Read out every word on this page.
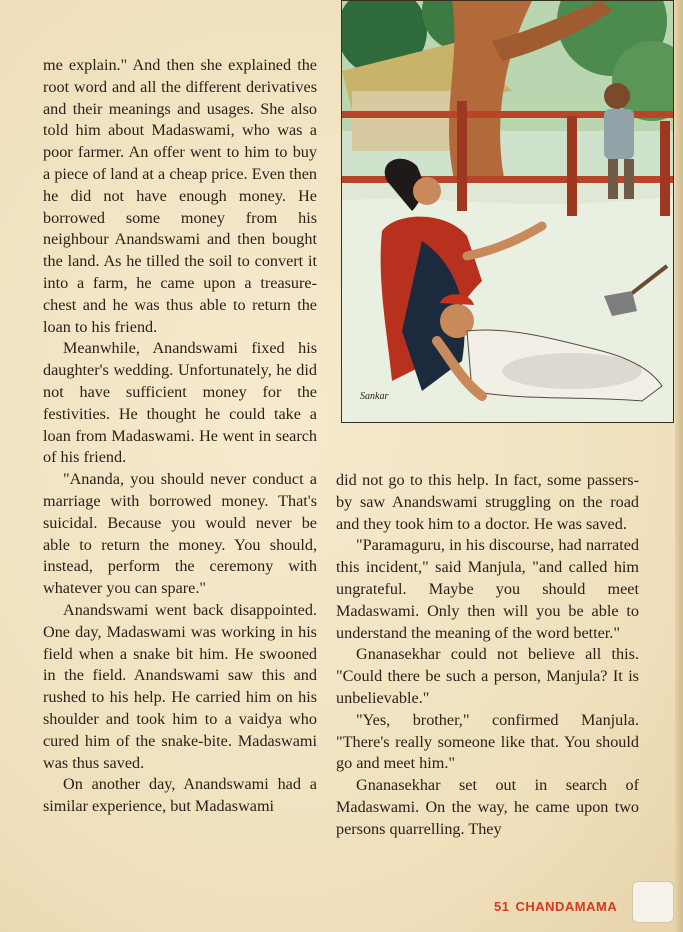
me explain." And then she explained the root word and all the different derivatives and their meanings and usages. She also told him about Madaswami, who was a poor farmer. An offer went to him to buy a piece of land at a cheap price. Even then he did not have enough money. He borrowed some money from his neighbour Anandswami and then bought the land. As he tilled the soil to convert it into a farm, he came upon a treasure-chest and he was thus able to return the loan to his friend.

Meanwhile, Anandswami fixed his daughter's wedding. Unfortunately, he did not have sufficient money for the festivities. He thought he could take a loan from Madaswami. He went in search of his friend.

"Ananda, you should never conduct a marriage with borrowed money. That's suicidal. Because you would never be able to return the money. You should, instead, perform the ceremony with whatever you can spare."

Anandswami went back disappointed. One day, Madaswami was working in his field when a snake bit him. He swooned in the field. Anandswami saw this and rushed to his help. He carried him on his shoulder and took him to a vaidya who cured him of the snake-bite. Madaswami was thus saved.

On another day, Anandswami had a similar experience, but Madaswami

Sankar

did not go to this help. In fact, some passers-by saw Anandswami struggling on the road and they took him to a doctor. He was saved.

"Paramaguru, in his discourse, had narrated this incident," said Manjula, "and called him ungrateful. Maybe you should meet Madaswami. Only then will you be able to understand the meaning of the word better."

Gnanasekhar could not believe all this. "Could there be such a person, Manjula? It is unbelievable."

"Yes, brother," confirmed Manjula. "There's really someone like that. You should go and meet him."

Gnanasekhar set out in search of Madaswami. On the way, he came upon two persons quarrelling. They

51 CHANDAMAMA
